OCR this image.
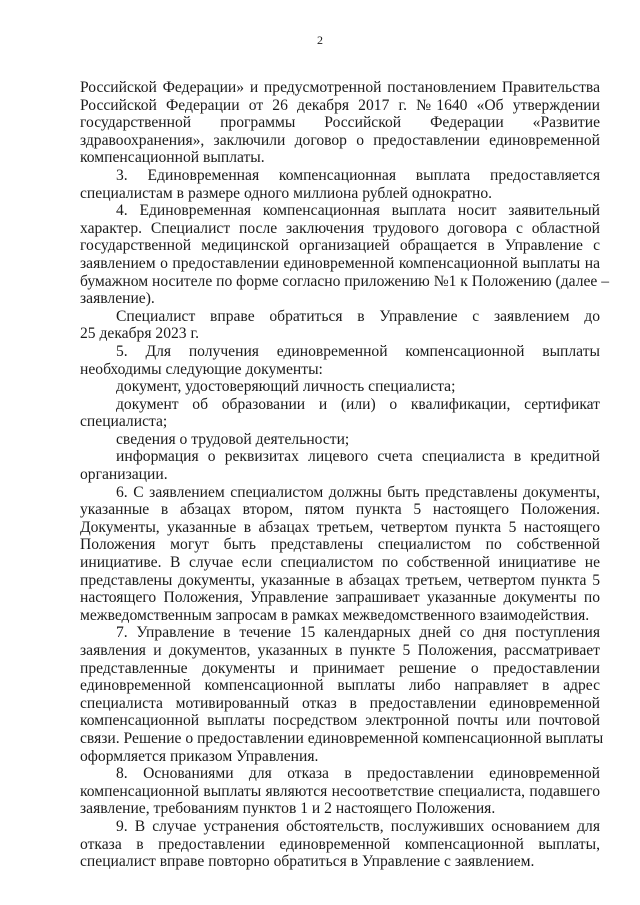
2
Российской Федерации» и предусмотренной постановлением Правительства
Российской Федерации от 26 декабря 2017 г. №1640 «Об утверждении
государственной программы Российской Федерации «Развитие
здравоохранения», заключили договор о предоставлении единовременной
компенсационной выплаты.
3. Единовременная компенсационная выплата предоставляется
специалистам в размере одного миллиона рублей однократно.
4. Единовременная компенсационная выплата носит заявительный
характер. Специалист после заключения трудового договора с областной
государственной медицинской организацией обращается в Управление с
заявлением о предоставлении единовременной компенсационной выплаты на
бумажном носителе по форме согласно приложению №1 к Положению (далее –
заявление).
Специалист вправе обратиться в Управление с заявлением до
25 декабря 2023 г.
5. Для получения единовременной компенсационной выплаты
необходимы следующие документы:
документ, удостоверяющий личность специалиста;
документ об образовании и (или) о квалификации, сертификат
специалиста;
сведения о трудовой деятельности;
информация о реквизитах лицевого счета специалиста в кредитной
организации.
6. С заявлением специалистом должны быть представлены документы,
указанные в абзацах втором, пятом пункта 5 настоящего Положения.
Документы, указанные в абзацах третьем, четвертом пункта 5 настоящего
Положения могут быть представлены специалистом по собственной
инициативе. В случае если специалистом по собственной инициативе не
представлены документы, указанные в абзацах третьем, четвертом пункта 5
настоящего Положения, Управление запрашивает указанные документы по
межведомственным запросам в рамках межведомственного взаимодействия.
7. Управление в течение 15 календарных дней со дня поступления
заявления и документов, указанных в пункте 5 Положения, рассматривает
представленные документы и принимает решение о предоставлении
единовременной компенсационной выплаты либо направляет в адрес
специалиста мотивированный отказ в предоставлении единовременной
компенсационной выплаты посредством электронной почты или почтовой
связи. Решение о предоставлении единовременной компенсационной выплаты
оформляется приказом Управления.
8. Основаниями для отказа в предоставлении единовременной
компенсационной выплаты являются несоответствие специалиста, подавшего
заявление, требованиям пунктов 1 и 2 настоящего Положения.
9. В случае устранения обстоятельств, послуживших основанием для
отказа в предоставлении единовременной компенсационной выплаты,
специалист вправе повторно обратиться в Управление с заявлением.
